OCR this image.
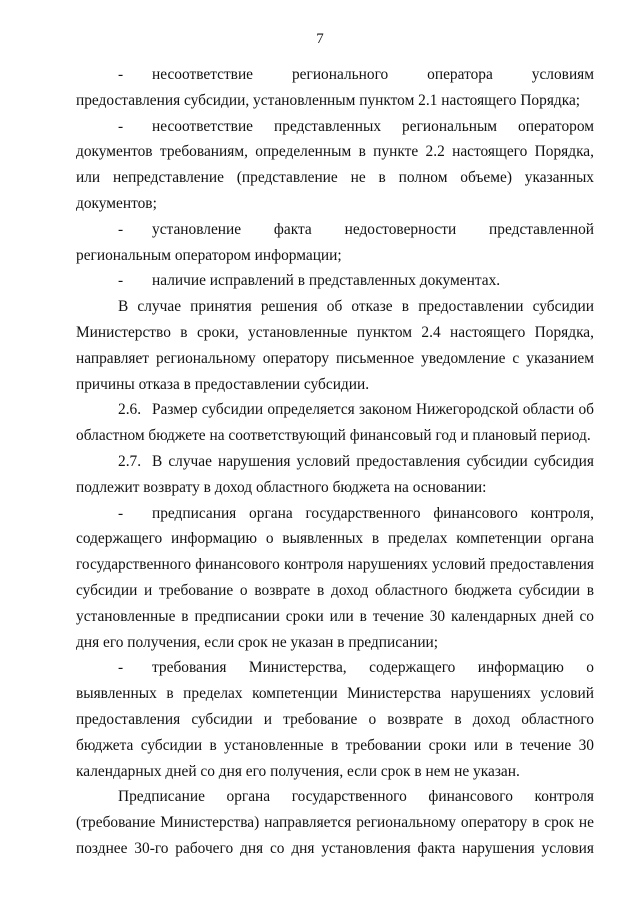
7

- несоответствие регионального оператора условиям предоставления субсидии, установленным пунктом 2.1 настоящего Порядка;

- несоответствие представленных региональным оператором документов требованиям, определенным в пункте 2.2 настоящего Порядка, или непредставление (представление не в полном объеме) указанных документов;

- установление факта недостоверности представленной региональным оператором информации;

- наличие исправлений в представленных документах.

В случае принятия решения об отказе в предоставлении субсидии Министерство в сроки, установленные пунктом 2.4 настоящего Порядка, направляет региональному оператору письменное уведомление с указанием причины отказа в предоставлении субсидии.

2.6. Размер субсидии определяется законом Нижегородской области об областном бюджете на соответствующий финансовый год и плановый период.

2.7. В случае нарушения условий предоставления субсидии субсидия подлежит возврату в доход областного бюджета на основании:

- предписания органа государственного финансового контроля, содержащего информацию о выявленных в пределах компетенции органа государственного финансового контроля нарушениях условий предоставления субсидии и требование о возврате в доход областного бюджета субсидии в установленные в предписании сроки или в течение 30 календарных дней со дня его получения, если срок не указан в предписании;

- требования Министерства, содержащего информацию о выявленных в пределах компетенции Министерства нарушениях условий предоставления субсидии и требование о возврате в доход областного бюджета субсидии в установленные в требовании сроки или в течение 30 календарных дней со дня его получения, если срок в нем не указан.

Предписание органа государственного финансового контроля (требование Министерства) направляется региональному оператору в срок не позднее 30-го рабочего дня со дня установления факта нарушения условия
